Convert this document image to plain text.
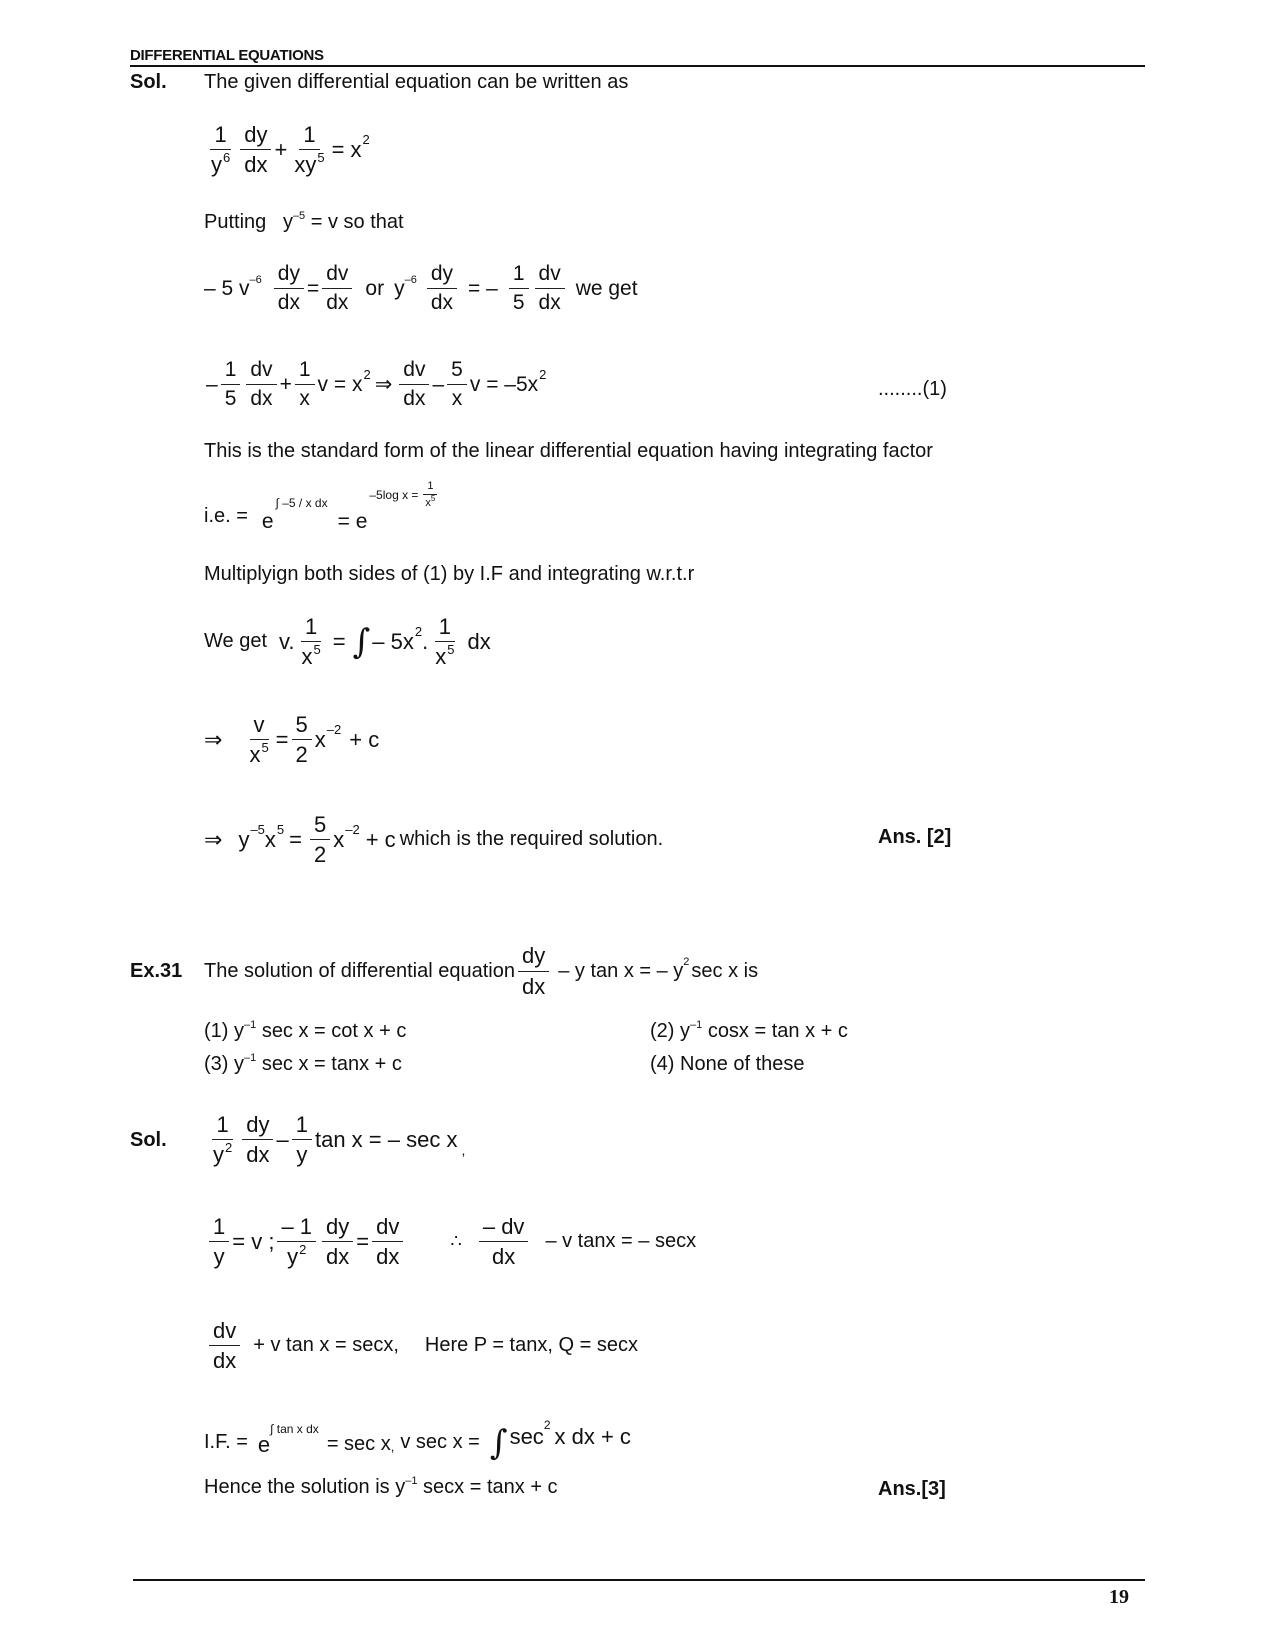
DIFFERENTIAL EQUATIONS
Sol. The given differential equation can be written as
$\frac{1}{y^6} \frac{dy}{dx} + \frac{1}{xy^5} = x$ 2
Putting $y^{-5} = v$ so that
– 5 v $-6 \frac{dy}{dx} = \frac{dv}{dx}$ or y $-6 \frac{dy}{dx}$ = – $\frac{1}{5} \frac{dv}{dx}$ we get
– $\frac{1}{5} \frac{dv}{dx} + \frac{1}{x}$ v = x 2 ⇒ $\frac{dv}{dx} - \frac{5}{x}$ v = –5x 2
........(1)
This is the standard form of the linear differential equation having integrating factor
i.e. = e
∫ –5 / x dx
= e
–5log $x = \frac{1}{x^5}$
Multiplyign both sides of (1) by I.F and integrating w.r.t.r
We get v. $\frac{1}{x^5}$ = ∫ – 5x 2 . $\frac{1}{x^5}$ dx
⇒ $\frac{v}{x^5} = \frac{5}{2}$ x –2 + c
⇒ y –5 x $5 = \frac{5}{2}$ x –2 + c which is the required solution.	Ans. [2]
Ex.31 The solution of differential equation $\frac{dy}{dx}$ – y tan x = – y 2 sec x is
(1) $y^{-1}$ sec x = cot x + c	(2) $y^{-1}$ cosx = tan x + c
(3) $y^{-1}$ sec x = tanx + c	(4) None of these
Sol. $\frac{1}{y^2} \frac{dy}{dx} - \frac{1}{y}$ tan x = – sec x ,
$\frac{1}{y} = v$ ; $\frac{- 1}{y^2} \frac{dy}{dx} = \frac{dv}{dx}$	∴ $\frac{- dv}{dx}$ – v tanx = – secx
$\frac{dv}{dx} + v$ tan x = secx, Here P = tanx, Q = secx
I.F. = e
∫ tan x dx
= sec x , v sec x = ∫ sec 2 x dx + c
Hence the solution is $y^{-1}$ secx = tanx + c	Ans.[3]
19
